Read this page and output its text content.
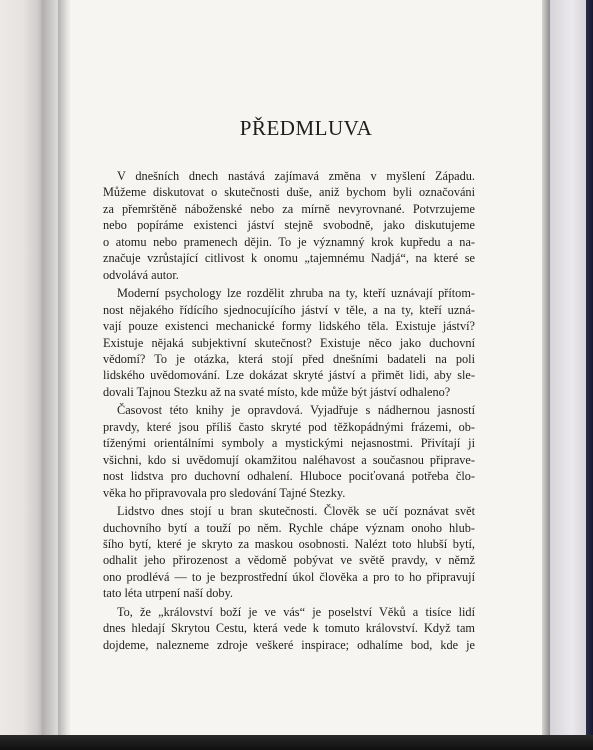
PŘEDMLUVA

V dnešních dnech nastává zajímavá změna v myšlení Západu.
Můžeme diskutovat o skutečnosti duše, aniž bychom byli označováni
za přemrštěně náboženské nebo za mírně nevyrovnané. Potvrzujeme
nebo popíráme existenci jáství stejně svobodně, jako diskutujeme
o atomu nebo pramenech dějin. To je významný krok kupředu a na-
značuje vzrůstající citlivost k onomu „tajemnému Nadjá“, na které se
odvolává autor.

Moderní psychology lze rozdělit zhruba na ty, kteří uznávají přítom-
nost nějakého řídícího sjednocujícího jáství v těle, a na ty, kteří uzná-
vají pouze existenci mechanické formy lidského těla. Existuje jáství?
Existuje nějaká subjektivní skutečnost? Existuje něco jako duchovní
vědomí? To je otázka, která stojí před dnešními badateli na poli
lidského uvědomování. Lze dokázat skryté jáství a přimět lidi, aby sle-
dovali Tajnou Stezku až na svaté místo, kde může být jáství odhaleno?

Časovost této knihy je opravdová. Vyjadřuje s nádhernou jasností
pravdy, které jsou příliš často skryté pod těžkopádnými frázemi, ob-
tíženými orientálními symboly a mystickými nejasnostmi. Přivítají ji
všichni, kdo si uvědomují okamžitou naléhavost a současnou připrave-
nost lidstva pro duchovní odhalení. Hluboce pociťovaná potřeba člo-
věka ho připravovala pro sledování Tajné Stezky.

Lidstvo dnes stojí u bran skutečnosti. Člověk se učí poznávat svět
duchovního bytí a touží po něm. Rychle chápe význam onoho hlub-
šího bytí, které je skryto za maskou osobnosti. Nalézt toto hlubší bytí,
odhalit jeho přirozenost a vědomě pobývat ve světě pravdy, v němž
ono prodlévá — to je bezprostřední úkol člověka a pro to ho připravují
tato léta utrpení naší doby.

To, že „království boží je ve vás“ je poselství Věků a tisíce lidí
dnes hledají Skrytou Cestu, která vede k tomuto království. Když tam
dojdeme, nalezneme zdroje veškeré inspirace; odhalíme bod, kde je
